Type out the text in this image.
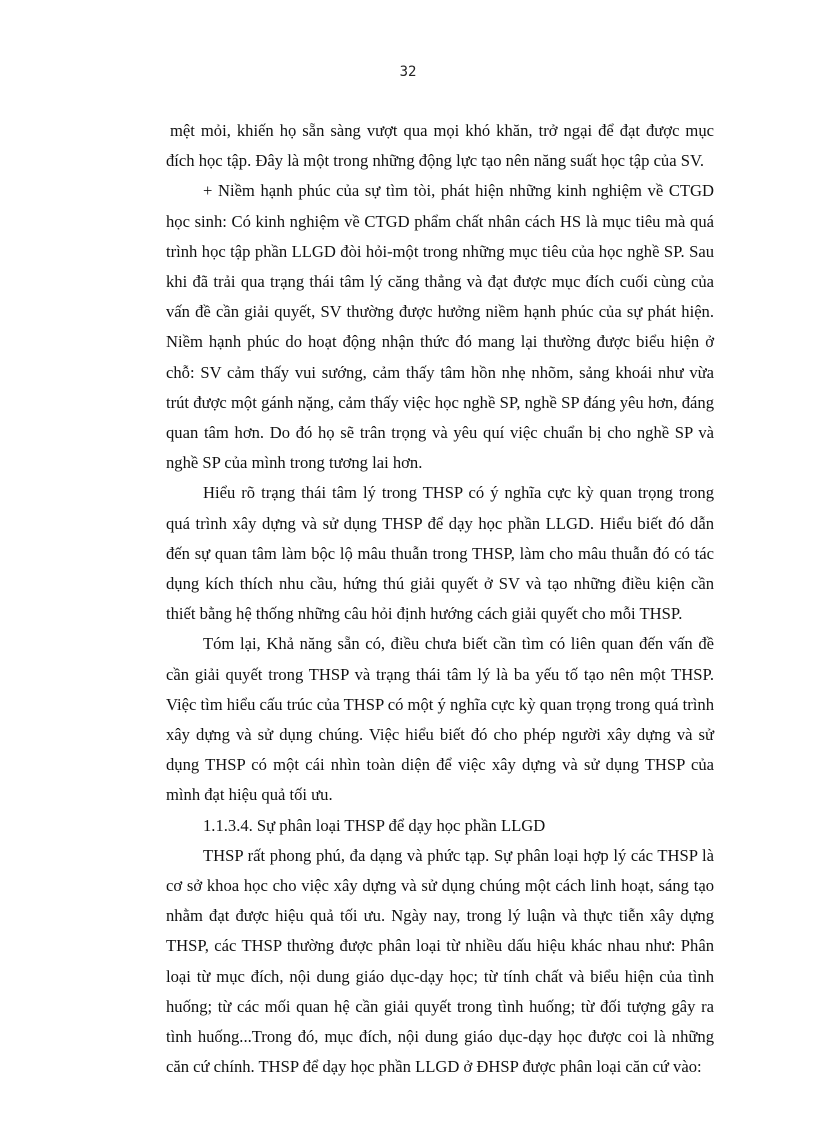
32

mệt mỏi, khiến họ sẵn sàng vượt qua mọi khó khăn, trở ngại để đạt được mục đích học tập. Đây là một trong những động lực tạo nên năng suất học tập của SV.

+ Niềm hạnh phúc của sự tìm tòi, phát hiện những kinh nghiệm về CTGD học sinh: Có kinh nghiệm về CTGD phẩm chất nhân cách HS là mục tiêu mà quá trình học tập phần LLGD đòi hỏi-một trong những mục tiêu của học nghề SP. Sau khi đã trải qua trạng thái tâm lý căng thẳng và đạt được mục đích cuối cùng của vấn đề cần giải quyết, SV thường được hưởng niềm hạnh phúc của sự phát hiện. Niềm hạnh phúc do hoạt động nhận thức đó mang lại thường được biểu hiện ở chỗ: SV cảm thấy vui sướng, cảm thấy tâm hồn nhẹ nhõm, sảng khoái như vừa trút được một gánh nặng, cảm thấy việc học nghề SP, nghề SP đáng yêu hơn, đáng quan tâm hơn. Do đó họ sẽ trân trọng và yêu quí việc chuẩn bị cho nghề SP và nghề SP của mình trong tương lai hơn.

Hiểu rõ trạng thái tâm lý trong THSP có ý nghĩa cực kỳ quan trọng trong quá trình xây dựng và sử dụng THSP để dạy học phần LLGD. Hiểu biết đó dẫn đến sự quan tâm làm bộc lộ mâu thuẫn trong THSP, làm cho mâu thuẫn đó có tác dụng kích thích nhu cầu, hứng thú giải quyết ở SV và tạo những điều kiện cần thiết bằng hệ thống những câu hỏi định hướng cách giải quyết cho mỗi THSP.

Tóm lại, Khả năng sẵn có, điều chưa biết cần tìm có liên quan đến vấn đề cần giải quyết trong THSP và trạng thái tâm lý là ba yếu tố tạo nên một THSP. Việc tìm hiểu cấu trúc của THSP có một ý nghĩa cực kỳ quan trọng trong quá trình xây dựng và sử dụng chúng. Việc hiểu biết đó cho phép người xây dựng và sử dụng THSP có một cái nhìn toàn diện để việc xây dựng và sử dụng THSP của mình đạt hiệu quả tối ưu.

1.1.3.4. Sự phân loại THSP để dạy học phần LLGD

THSP rất phong phú, đa dạng và phức tạp. Sự phân loại hợp lý các THSP là cơ sở khoa học cho việc xây dựng và sử dụng chúng một cách linh hoạt, sáng tạo nhằm đạt được hiệu quả tối ưu. Ngày nay, trong lý luận và thực tiễn xây dựng THSP, các THSP thường được phân loại từ nhiều dấu hiệu khác nhau như: Phân loại từ mục đích, nội dung giáo dục-dạy học; từ tính chất và biểu hiện của tình huống; từ các mối quan hệ cần giải quyết trong tình huống; từ đối tượng gây ra tình huống...Trong đó, mục đích, nội dung giáo dục-dạy học được coi là những căn cứ chính. THSP để dạy học phần LLGD ở ĐHSP được phân loại căn cứ vào:
